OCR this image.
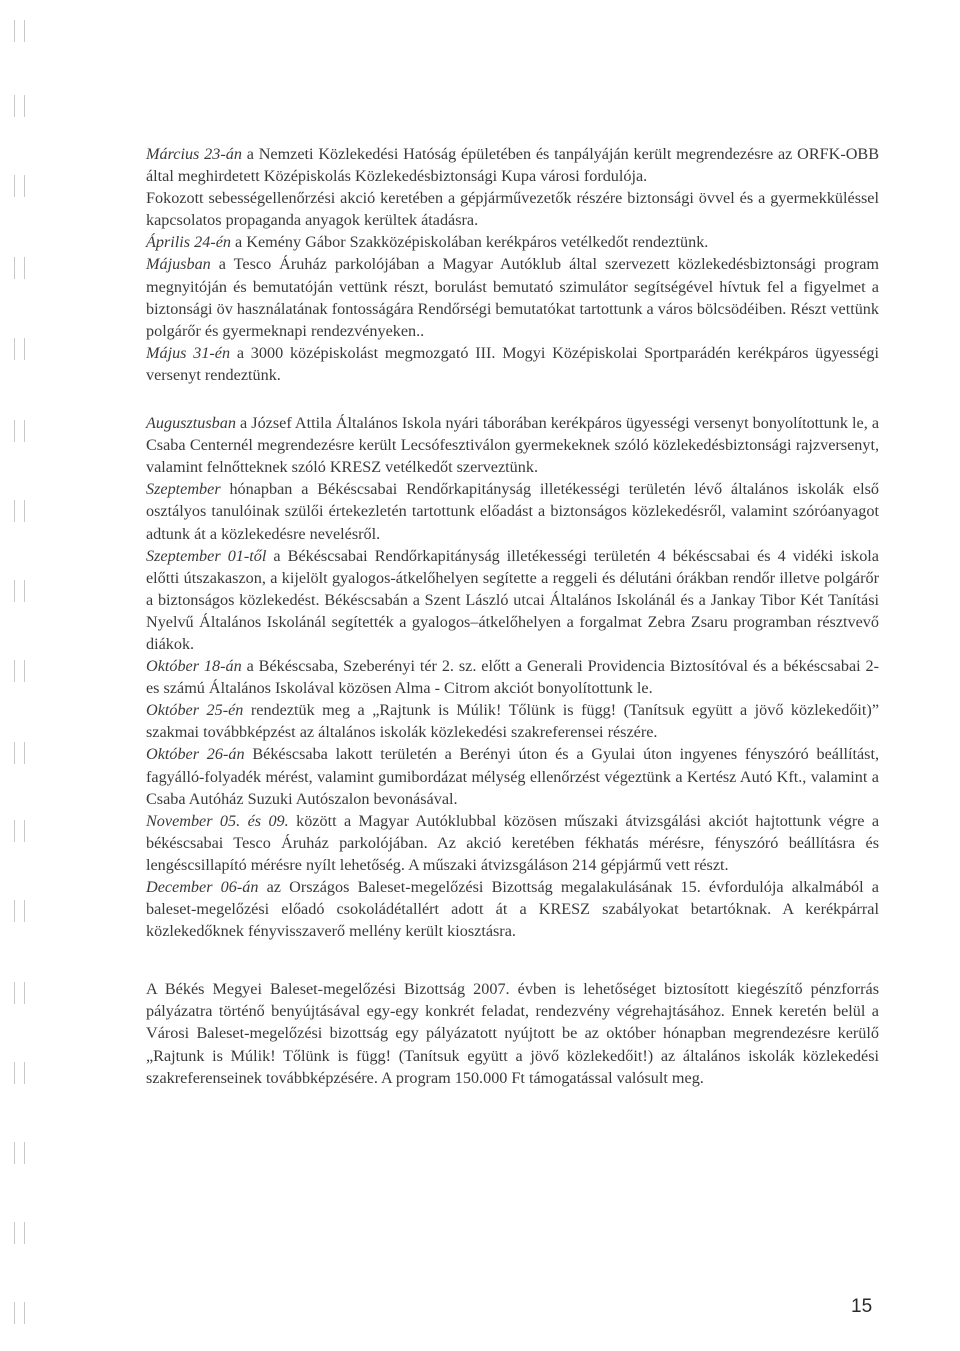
Március 23-án a Nemzeti Közlekedési Hatóság épületében és tanpályáján került megrendezésre az ORFK-OBB által meghirdetett Középiskolás Közlekedésbiztonsági Kupa városi fordulója.

Fokozott sebességellenőrzési akció keretében a gépjárművezetők részére biztonsági övvel és a gyermekküléssel kapcsolatos propaganda anyagok kerültek átadásra.

Április 24-én a Kemény Gábor Szakközépiskolában kerékpáros vetélkedőt rendeztünk.

Májusban a Tesco Áruház parkolójában a Magyar Autóklub által szervezett közlekedésbiztonsági program megnyitóján és bemutatóján vettünk részt, borulást bemutató szimulátor segítségével hívtuk fel a figyelmet a biztonsági öv használatának fontosságára Rendőrségi bemutatókat tartottunk a város bölcsödéiben. Részt vettünk polgárőr és gyermeknapi rendezvényeken..

Május 31-én a 3000 középiskolást megmozgató III. Mogyi Középiskolai Sportparádén kerékpáros ügyességi versenyt rendeztünk.

Augusztusban a József Attila Általános Iskola nyári táborában kerékpáros ügyességi versenyt bonyolítottunk le, a Csaba Centernél megrendezésre került Lecsófesztiválon gyermekeknek szóló közlekedésbiztonsági rajzversenyt, valamint felnőtteknek szóló KRESZ vetélkedőt szerveztünk.

Szeptember hónapban a Békéscsabai Rendőrkapitányság illetékességi területén lévő általános iskolák első osztályos tanulóinak szülői értekezletén tartottunk előadást a biztonságos közlekedésről, valamint szóróanyagot adtunk át a közlekedésre nevelésről.

Szeptember 01-től a Békéscsabai Rendőrkapitányság illetékességi területén 4 békéscsabai és 4 vidéki iskola előtti útszakaszon, a kijelölt gyalogos-átkelőhelyen segítette a reggeli és délutáni órákban rendőr illetve polgárőr a biztonságos közlekedést. Békéscsabán a Szent László utcai Általános Iskolánál és a Jankay Tibor Két Tanítási Nyelvű Általános Iskolánál segítették a gyalogos–átkelőhelyen a forgalmat Zebra Zsaru programban résztvevő diákok.

Október 18-án a Békéscsaba, Szeberényi tér 2. sz. előtt a Generali Providencia Biztosítóval és a békéscsabai 2-es számú Általános Iskolával közösen Alma - Citrom akciót bonyolítottunk le.

Október 25-én rendeztük meg a „Rajtunk is Múlik! Tőlünk is függ! (Tanítsuk együtt a jövő közlekedőit)” szakmai továbbképzést az általános iskolák közlekedési szakreferensei részére.

Október 26-án Békéscsaba lakott területén a Berényi úton és a Gyulai úton ingyenes fényszóró beállítást, fagyálló-folyadék mérést, valamint gumibordázat mélység ellenőrzést végeztünk a Kertész Autó Kft., valamint a Csaba Autóház Suzuki Autószalon bevonásával.

November 05. és 09. között a Magyar Autóklubbal közösen műszaki átvizsgálási akciót hajtottunk végre a békéscsabai Tesco Áruház parkolójában. Az akció keretében fékhatás mérésre, fényszóró beállításra és lengéscsillapító mérésre nyílt lehetőség. A műszaki átvizsgáláson 214 gépjármű vett részt.

December 06-án az Országos Baleset-megelőzési Bizottság megalakulásának 15. évfordulója alkalmából a baleset-megelőzési előadó csokoládétallért adott át a KRESZ szabályokat betartóknak. A kerékpárral közlekedőknek fényvisszaverő mellény került kiosztásra.

A Békés Megyei Baleset-megelőzési Bizottság 2007. évben is lehetőséget biztosított kiegészítő pénzforrás pályázatra történő benyújtásával egy-egy konkrét feladat, rendezvény végrehajtásához. Ennek keretén belül a Városi Baleset-megelőzési bizottság egy pályázatott nyújtott be az október hónapban megrendezésre kerülő „Rajtunk is Múlik! Tőlünk is függ! (Tanítsuk együtt a jövő közlekedőit!) az általános iskolák közlekedési szakreferenseinek továbbképzésére. A program 150.000 Ft támogatással valósult meg.

15
